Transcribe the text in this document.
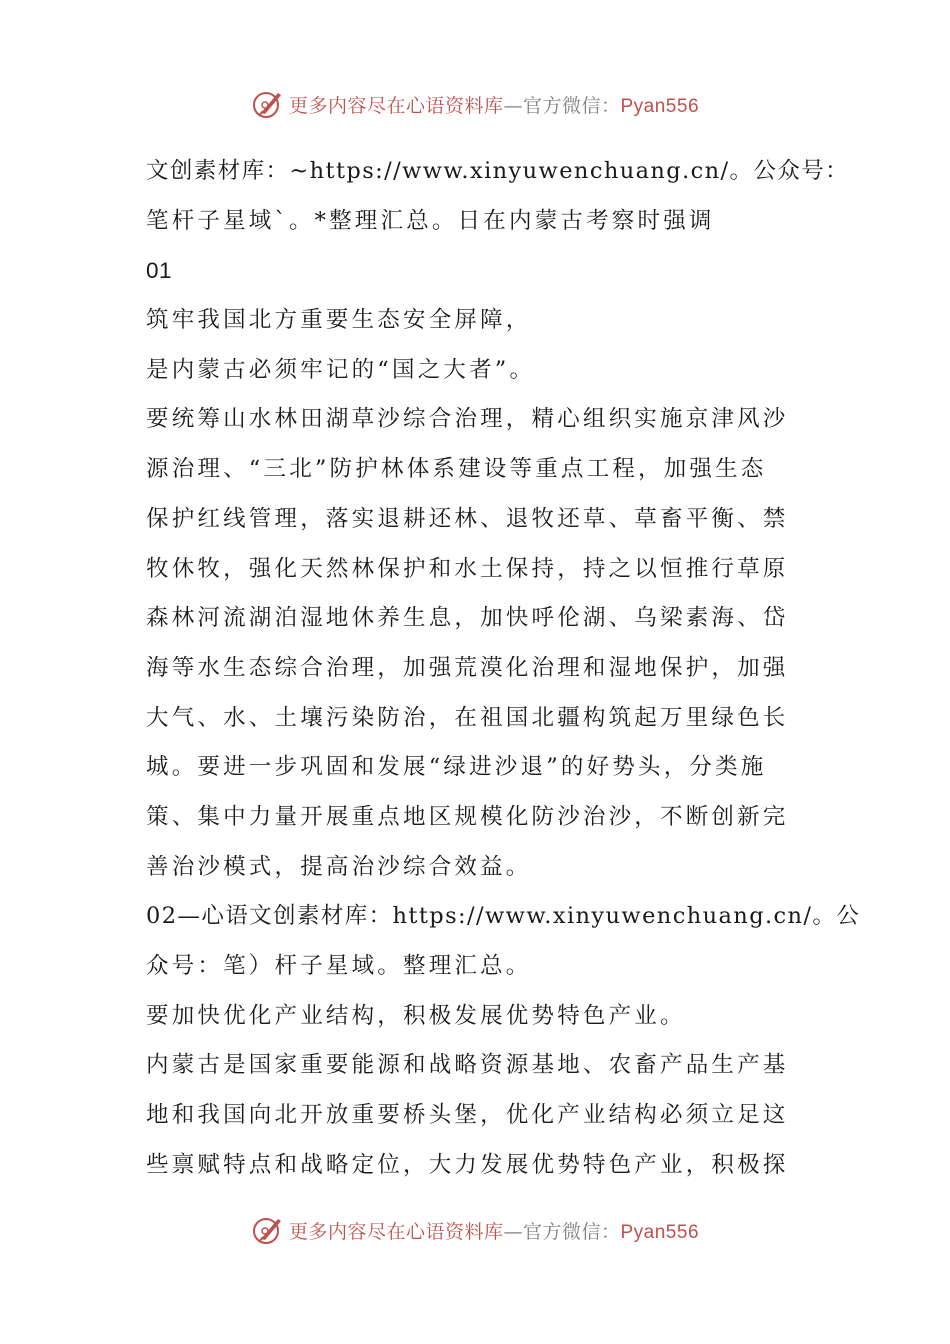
更多内容尽在心语资料库—官方微信：Pyan556
文创素材库：~https://www.xinyuwenchuang.cn/。公众号：
笔杆子星域`。*整理汇总。日在内蒙古考察时强调
01
筑牢我国北方重要生态安全屏障，
是内蒙古必须牢记的“国之大者”。
要统筹山水林田湖草沙综合治理，精心组织实施京津风沙
源治理、“三北”防护林体系建设等重点工程，加强生态
保护红线管理，落实退耕还林、退牧还草、草畜平衡、禁
牧休牧，强化天然林保护和水土保持，持之以恒推行草原
森林河流湖泊湿地休养生息，加快呼伦湖、乌梁素海、岱
海等水生态综合治理，加强荒漠化治理和湿地保护，加强
大气、水、土壤污染防治，在祖国北疆构筑起万里绿色长
城。要进一步巩固和发展“绿进沙退”的好势头，分类施
策、集中力量开展重点地区规模化防沙治沙，不断创新完
善治沙模式，提高治沙综合效益。
02—心语文创素材库：https://www.xinyuwenchuang.cn/。公
众号：笔）杆子星域。整理汇总。
要加快优化产业结构，积极发展优势特色产业。
内蒙古是国家重要能源和战略资源基地、农畜产品生产基
地和我国向北开放重要桥头堡，优化产业结构必须立足这
些禀赋特点和战略定位，大力发展优势特色产业，积极探
更多内容尽在心语资料库—官方微信：Pyan556
